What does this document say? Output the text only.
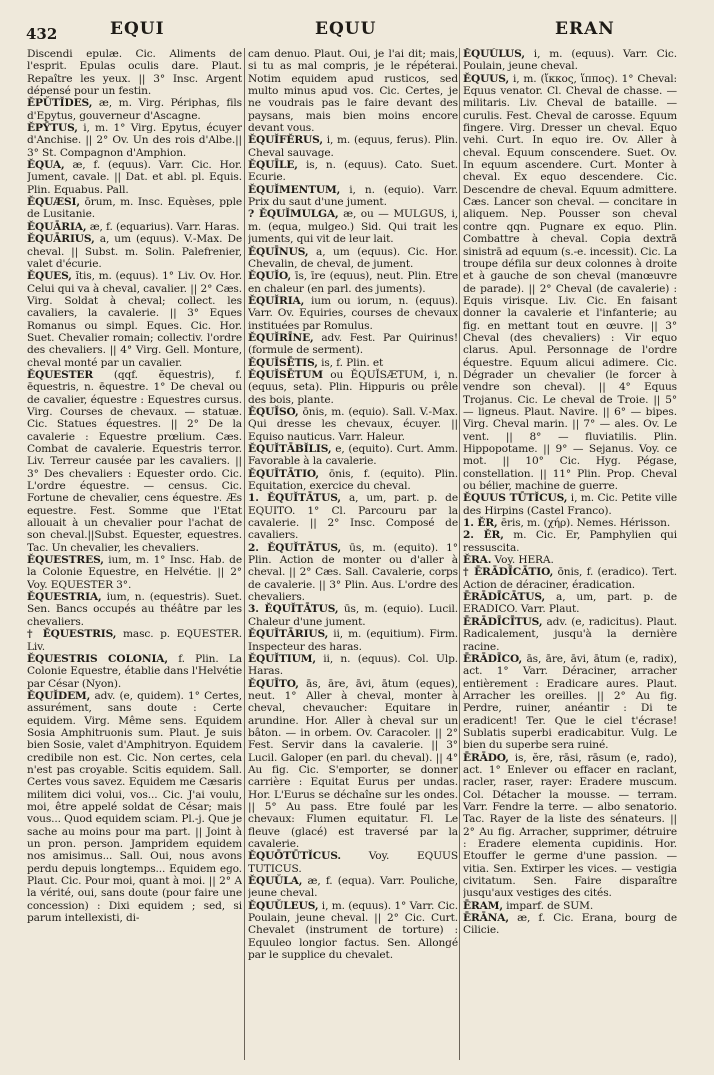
432	EQUI	EQUU	ERAN

Discendi epulæ. Cic. Aliments de l'esprit. Epulas oculis dare. Plaut. Repaître les yeux. || 3° Insc. Argent dépensé pour un festin.

ĔPŬTĬDES, æ, m. Virg. Périphas, fils d'Epytus, gouverneur d'Ascagne.

ĔPȲTUS, i, m. 1° Virg. Epytus, écuyer d'Anchise. || 2° Ov. Un des rois d'Albe.|| 3° St. Compagnon d'Amphion.

ĔQUA, æ, f. (equus). Varr. Cic. Hor. Jument, cavale. || Dat. et abl. pl. Equis. Plin. Equabus. Pall.

ĔQUÆSI, ōrum, m. Insc. Equèses, pple de Lusitanie.

ĔQUĀRIA, æ, f. (equarius). Varr. Haras.

ĔQUĀRIUS, a, um (equus). V.-Max. De cheval. || Subst. m. Solin. Palefrenier, valet d'écurie.

ĔQUES, ĭtis, m. (equus). 1° Liv. Ov. Hor. Celui qui va à cheval, cavalier. || 2° Cæs. Virg. Soldat à cheval; collect. les cavaliers, la cavalerie. || 3° Eques Romanus ou simpl. Eques. Cic. Hor. Suet. Chevalier romain; collectiv. l'ordre des chevaliers. || 4° Virg. Gell. Monture, cheval monté par un cavalier.

ĔQUESTER (qqf. ĕquestris), f. ēquestris, n. ēquestre. 1° De cheval ou de cavalier, équestre : Equestres cursus. Virg. Courses de chevaux. — statuæ. Cic. Statues équestres. || 2° De la cavalerie : Equestre prœlium. Cæs. Combat de cavalerie. Equestris terror. Liv. Terreur causée par les cavaliers. || 3° Des chevaliers : Equester ordo. Cic. L'ordre équestre. — census. Cic. Fortune de chevalier, cens équestre. Æs equestre. Fest. Somme que l'Etat allouait à un chevalier pour l'achat de son cheval.||Subst. Equester, equestres. Tac. Un chevalier, les chevaliers.

ĔQUESTRES, ium, m. 1° Insc. Hab. de la Colonie Equestre, en Helvétie. || 2° Voy. EQUESTER 3°.

ĔQUESTRIA, ium, n. (equestris). Suet. Sen. Bancs occupés au théâtre par les chevaliers.

† ĔQUESTRIS, masc. p. EQUESTER. Liv.

ĔQUESTRIS COLONIA, f. Plin. La Colonie Equestre, établie dans l'Helvétie par César (Nyon).

ĔQUĬDEM, adv. (e, quidem). 1° Certes, assurément, sans doute : Certe equidem. Virg. Même sens. Equidem Sosia Amphitruonis sum. Plaut. Je suis bien Sosie, valet d'Amphitryon. Equidem credibile non est. Cic. Non certes, cela n'est pas croyable. Scitis equidem. Sall. Certes vous savez. Equidem me Cæsaris militem dici volui, vos... Cic. J'ai voulu, moi, être appelé soldat de César; mais vous... Quod equidem sciam. Pl.-j. Que je sache au moins pour ma part. || Joint à un pron. person. Jampridem equidem nos amisimus... Sall. Oui, nous avons perdu depuis longtemps... Equidem ego. Plaut. Cic. Pour moi, quant à moi. || 2° A la vérité, oui, sans doute (pour faire une concession) : Dixi equidem ; sed, si parum intellexisti, di-

cam denuo. Plaut. Oui, je l'ai dit; mais, si tu as mal compris, je le répéterai. Notim equidem apud rusticos, sed multo minus apud vos. Cic. Certes, je ne voudrais pas le faire devant des paysans, mais bien moins encore devant vous.

ĔQUĬFĔRUS, i, m. (equus, ferus). Plin. Cheval sauvage.

ĔQUĪLE, is, n. (equus). Cato. Suet. Ecurie.

ĔQUĬMENTUM, i, n. (equio). Varr. Prix du saut d'une jument.

? ĔQUĬMULGA, æ, ou — MULGUS, i, m. (equa, mulgeo.) Sid. Qui trait les juments, qui vit de leur lait.

ĔQUĪNUS, a, um (equus). Cic. Hor. Chevalin, de cheval, de jument.

ĔQUĬO, īs, īre (equus), neut. Plin. Etre en chaleur (en parl. des juments).

ĔQUĬRIA, ium ou iorum, n. (equus). Varr. Ov. Equiries, courses de chevaux instituées par Romulus.

ĔQUĬRĪNE, adv. Fest. Par Quirinus! (formule de serment).

ĔQUĬSĒTIS, is, f. Plin. et

ĔQUĬSĒTUM ou ĔQUĬSÆTUM, i, n. (equus, seta). Plin. Hippuris ou prêle des bois, plante.

ĔQUĬSO, ōnis, m. (equio). Sall. V.-Max. Qui dresse les chevaux, écuyer. || Equiso nauticus. Varr. Haleur.

ĔQUĬTĀBĬLIS, e, (equito). Curt. Amm. Favorable à la cavalerie.

ĔQUĬTĀTIO, ōnis, f. (equito). Plin. Equitation, exercice du cheval.

1. ĔQUĬTĀTUS, a, um, part. p. de EQUITO. 1° Cl. Parcouru par la cavalerie. || 2° Insc. Composé de cavaliers.

2. ĔQUĬTĀTUS, ūs, m. (equito). 1° Plin. Action de monter ou d'aller à cheval. || 2° Cæs. Sall. Cavalerie, corps de cavalerie. || 3° Plin. Aus. L'ordre des chevaliers.

3. ĔQUĬTĀTUS, ūs, m. (equio). Lucil. Chaleur d'une jument.

ĔQUĬTĀRIUS, ii, m. (equitium). Firm. Inspecteur des haras.

ĔQUĬTIUM, ii, n. (equus). Col. Ulp. Haras.

ĔQUĬTO, ās, āre, āvi, ātum (eques), neut. 1° Aller à cheval, monter à cheval, chevaucher: Equitare in arundine. Hor. Aller à cheval sur un bâton. — in orbem. Ov. Caracoler. || 2° Fest. Servir dans la cavalerie. || 3° Lucil. Galoper (en parl. du cheval). || 4° Au fig. Cic. S'emporter, se donner carrière : Equitat Eurus per undas. Hor. L'Eurus se déchaîne sur les ondes. || 5° Au pass. Etre foulé par les chevaux: Flumen equitatur. Fl. Le fleuve (glacé) est traversé par la cavalerie.

ĔQUŌTŪTĬCUS. Voy. EQUUS TUTICUS.

ĔQUŬLA, æ, f. (equa). Varr. Pouliche, jeune cheval.

ĔQUŬLEUS, i, m. (equus). 1° Varr. Cic. Poulain, jeune cheval. || 2° Cic. Curt. Chevalet (instrument de torture) : Equuleo longior factus. Sen. Allongé par le supplice du chevalet.

ĔQUŬLUS, i, m. (equus). Varr. Cic. Poulain, jeune cheval.

ĔQUUS, i, m. (ἴκκος, ἵππος). 1° Cheval: Equus venator. Cl. Cheval de chasse. — militaris. Liv. Cheval de bataille. — curulis. Fest. Cheval de carosse. Equum fingere. Virg. Dresser un cheval. Equo vehi. Curt. In equo ire. Ov. Aller à cheval. Equum conscendere. Suet. Ov. In equum ascendere. Curt. Monter à cheval. Ex equo descendere. Cic. Descendre de cheval. Equum admittere. Cæs. Lancer son cheval. — concitare in aliquem. Nep. Pousser son cheval contre qqn. Pugnare ex equo. Plin. Combattre à cheval. Copia dextrā sinistrā ad equum (s.-e. incessit). Cic. La troupe défila sur deux colonnes à droite et à gauche de son cheval (manœuvre de parade). || 2° Cheval (de cavalerie) : Equis virisque. Liv. Cic. En faisant donner la cavalerie et l'infanterie; au fig. en mettant tout en œuvre. || 3° Cheval (des chevaliers) : Vir equo clarus. Apul. Personnage de l'ordre équestre. Equum alicui adimere. Cic. Dégrader un chevalier (le forcer à vendre son cheval). || 4° Equus Trojanus. Cic. Le cheval de Troie. || 5° — ligneus. Plaut. Navire. || 6° — bipes. Virg. Cheval marin. || 7° — ales. Ov. Le vent. || 8° — fluviatilis. Plin. Hippopotame. || 9° — Sejanus. Voy. ce mot. || 10° Cic. Hyg. Pégase, constellation. || 11° Plin. Prop. Cheval ou bélier, machine de guerre.

ĔQUUS TŪTĬCUS, i, m. Cic. Petite ville des Hirpins (Castel Franco).

1. ĔR, ēris, m. (χήρ). Nemes. Hérisson.

2. ĔR, m. Cic. Er, Pamphylien qui ressuscita.

ĔRA. Voy. HERA.

† ĒRĀDĪCĀTIO, ōnis, f. (eradico). Tert. Action de déraciner, éradication.

ĒRĀDĪCĀTUS, a, um, part. p. de ERADICO. Varr. Plaut.

ĒRĀDĪCĪTUS, adv. (e, radicitus). Plaut. Radicalement, jusqu'à la dernière racine.

ĒRĀDĪCO, ās, āre, āvi, ātum (e, radix), act. 1° Varr. Déraciner, arracher entièrement : Eradicare aures. Plaut. Arracher les oreilles. || 2° Au fig. Perdre, ruiner, anéantir : Di te eradicent! Ter. Que le ciel t'écrase! Sublatis superbi eradicabitur. Vulg. Le bien du superbe sera ruiné.

ĒRĀDO, is, ĕre, rāsi, rāsum (e, rado), act. 1° Enlever ou effacer en raclant, racler, raser, rayer: Eradere muscum. Col. Détacher la mousse. — terram. Varr. Fendre la terre. — albo senatorio. Tac. Rayer de la liste des sénateurs. || 2° Au fig. Arracher, supprimer, détruire : Eradere elementa cupidinis. Hor. Etouffer le germe d'une passion. — vitia. Sen. Extirper les vices. — vestigia civitatum. Sen. Faire disparaître jusqu'aux vestiges des cités.

ĒRAM, imparf. de SUM.

ĒRĀNA, æ, f. Cic. Erana, bourg de Cilicie.
